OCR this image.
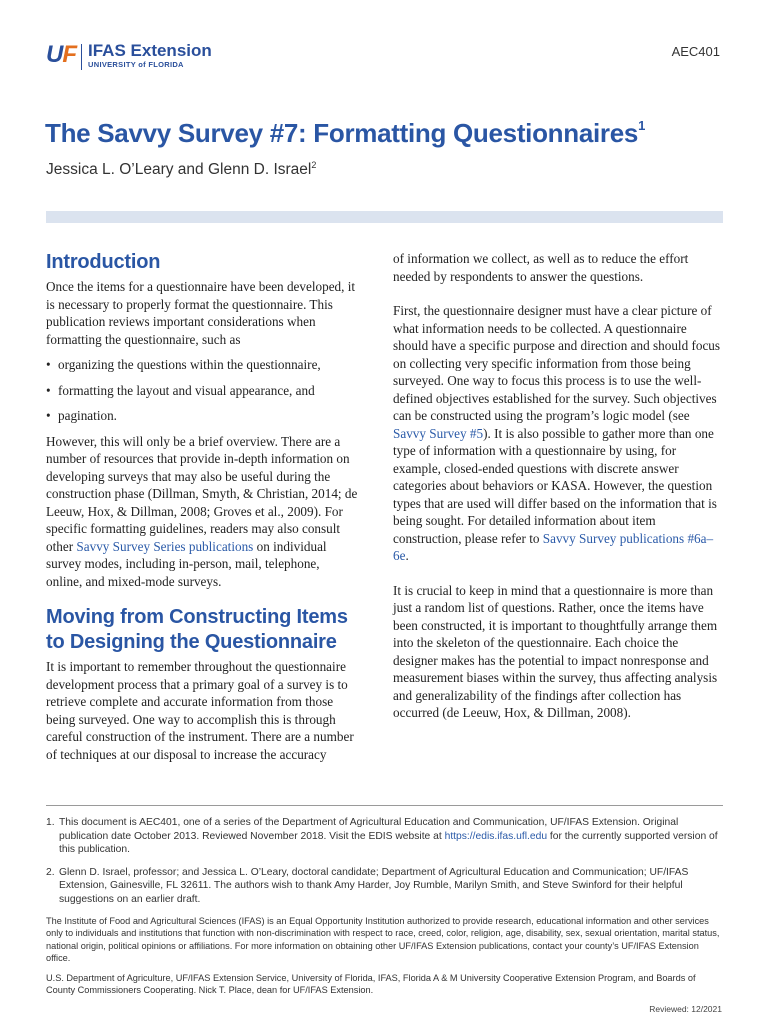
UF IFAS Extension
UNIVERSITY of FLORIDA
AEC401
The Savvy Survey #7: Formatting Questionnaires$^1$
Jessica L. O’Leary and Glenn D. Israel$^2$
Introduction

Once the items for a questionnaire have been developed, it is necessary to properly format the questionnaire. This publication reviews important considerations when formatting the questionnaire, such as

• organizing the questions within the questionnaire,
• formatting the layout and visual appearance, and
• pagination.

However, this will only be a brief overview. There are a number of resources that provide in-depth information on developing surveys that may also be useful during the construction phase (Dillman, Smyth, & Christian, 2014; de Leeuw, Hox, & Dillman, 2008; Groves et al., 2009). For specific formatting guidelines, readers may also consult other Savvy Survey Series publications on individual survey modes, including in-person, mail, telephone, online, and mixed-mode surveys.

Moving from Constructing Items to Designing the Questionnaire

It is important to remember throughout the questionnaire development process that a primary goal of a survey is to retrieve complete and accurate information from those being surveyed. One way to accomplish this is through careful construction of the instrument. There are a number of techniques at our disposal to increase the accuracy

of information we collect, as well as to reduce the effort needed by respondents to answer the questions.

First, the questionnaire designer must have a clear picture of what information needs to be collected. A questionnaire should have a specific purpose and direction and should focus on collecting very specific information from those being surveyed. One way to focus this process is to use the well-defined objectives established for the survey. Such objectives can be constructed using the program’s logic model (see Savvy Survey #5). It is also possible to gather more than one type of information with a questionnaire by using, for example, closed-ended questions with discrete answer categories about behaviors or KASA. However, the question types that are used will differ based on the information that is being sought. For detailed information about item construction, please refer to Savvy Survey publications #6a–6e.

It is crucial to keep in mind that a questionnaire is more than just a random list of questions. Rather, once the items have been constructed, it is important to thoughtfully arrange them into the skeleton of the questionnaire. Each choice the designer makes has the potential to impact nonresponse and measurement biases within the survey, thus affecting analysis and generalizability of the findings after collection has occurred (de Leeuw, Hox, & Dillman, 2008).

1. This document is AEC401, one of a series of the Department of Agricultural Education and Communication, UF/IFAS Extension. Original publication date October 2013. Reviewed November 2018. Visit the EDIS website at https://edis.ifas.ufl.edu for the currently supported version of this publication.
2. Glenn D. Israel, professor; and Jessica L. O’Leary, doctoral candidate; Department of Agricultural Education and Communication; UF/IFAS Extension, Gainesville, FL 32611. The authors wish to thank Amy Harder, Joy Rumble, Marilyn Smith, and Steve Swinford for their helpful suggestions on an earlier draft.

The Institute of Food and Agricultural Sciences (IFAS) is an Equal Opportunity Institution authorized to provide research, educational information and other services only to individuals and institutions that function with non-discrimination with respect to race, creed, color, religion, age, disability, sex, sexual orientation, marital status, national origin, political opinions or affiliations. For more information on obtaining other UF/IFAS Extension publications, contact your county’s UF/IFAS Extension office.

U.S. Department of Agriculture, UF/IFAS Extension Service, University of Florida, IFAS, Florida A & M University Cooperative Extension Program, and Boards of County Commissioners Cooperating. Nick T. Place, dean for UF/IFAS Extension.

Reviewed: 12/2021
